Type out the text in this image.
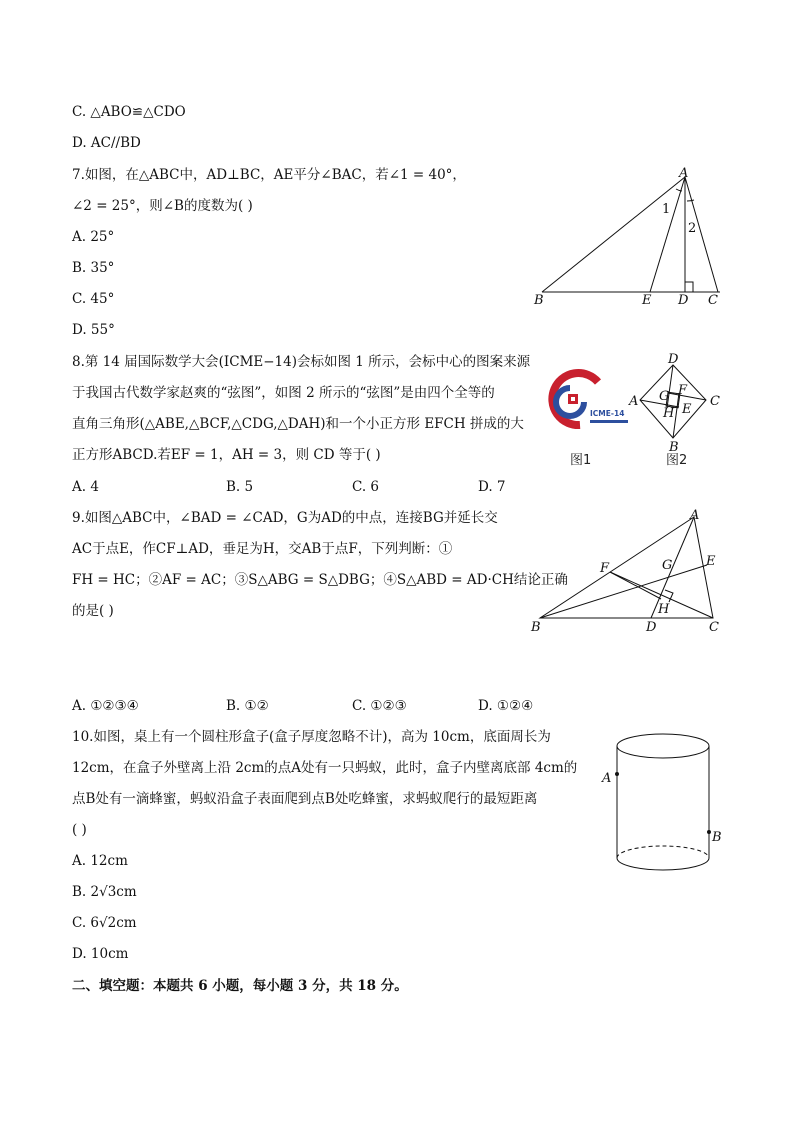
C. △ABO≌△CDO
D. AC//BD
7.如图，在△ABC中，AD⊥BC，AE平分∠BAC，若∠1 = 40°，
∠2 = 25°，则∠B的度数为( )
A. 25°
B. 35°
C. 45°
D. 55°
A
B	E D C
1
2
8.第 14 届国际数学大会(ICME−14)会标如图 1 所示，会标中心的图案来源
于我国古代数学家赵爽的“弦图”，如图 2 所示的“弦图”是由四个全等的
直角三角形(△ABE,△BCF,△CDG,△DAH)和一个小正方形 EFCH 拼成的大
正方形ABCD.若EF = 1，AH = 3，则 CD 等于( )
A. 4	B. 5	C. 6	D. 7
ICME-14
图1
D
A	C
B
F
G
H E
图2
9.如图△ABC中，∠BAD = ∠CAD，G为AD的中点，连接BG并延长交
AC于点E，作CF⊥AD，垂足为H，交AB于点F，下列判断：①
FH = HC；②AF = AC；③S△ABG = S△DBG；④S△ABD = AD·CH结论正确
的是( )
A
B	C
D
E
F	G
H
A. ①②③④	B. ①②	C. ①②③	D. ①②④
10.如图，桌上有一个圆柱形盒子(盒子厚度忽略不计)，高为 10cm，底面周长为
12cm，在盒子外壁离上沿 2cm的点A处有一只蚂蚁，此时，盒子内壁离底部 4cm的
点B处有一滴蜂蜜，蚂蚁沿盒子表面爬到点B处吃蜂蜜，求蚂蚁爬行的最短距离
( )
A. 12cm
B. 2√3cm
C. 6√2cm
D. 10cm
A
B
二、填空题：本题共 6 小题，每小题 3 分，共 18 分。
